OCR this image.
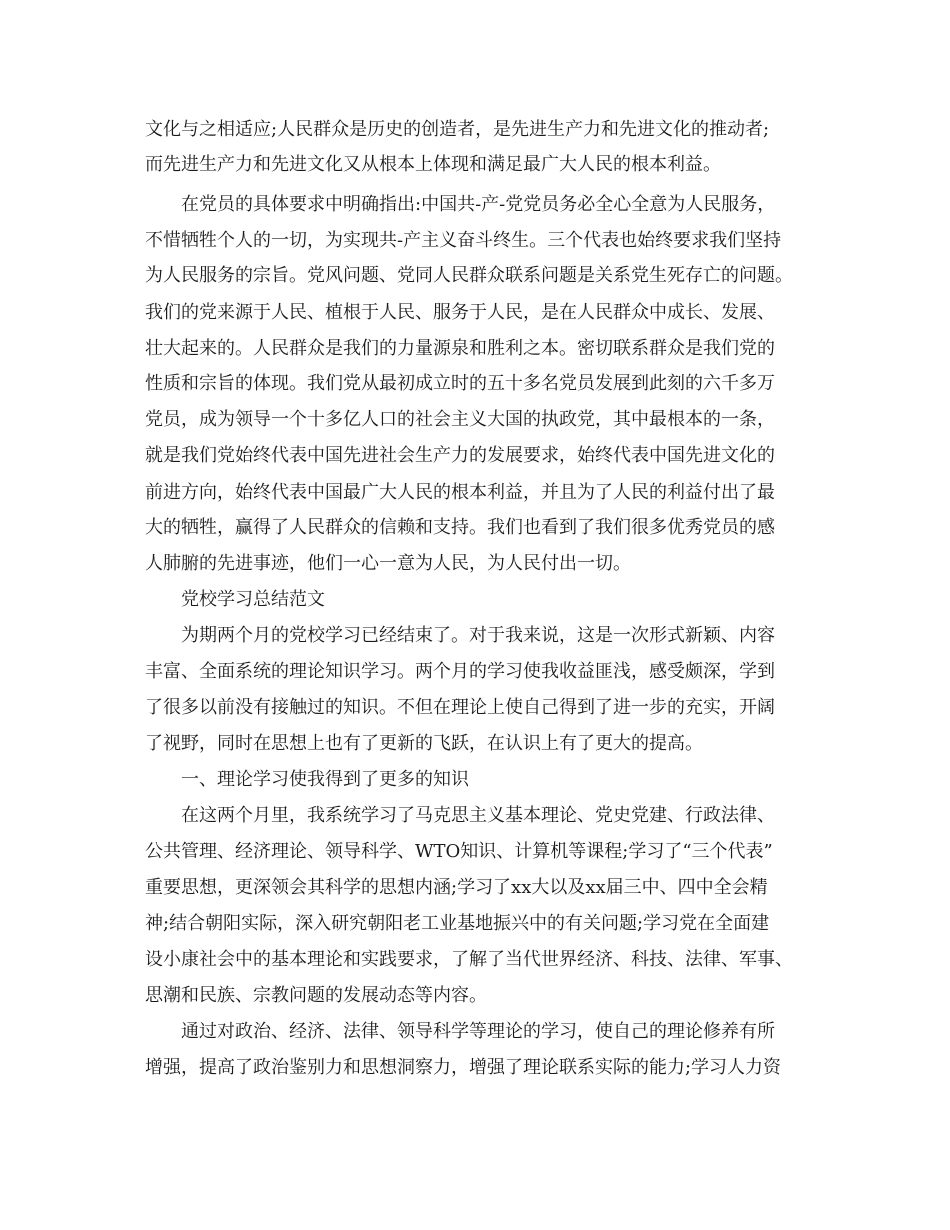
文化与之相适应;人民群众是历史的创造者，是先进生产力和先进文化的推动者;

而先进生产力和先进文化又从根本上体现和满足最广大人民的根本利益。

在党员的具体要求中明确指出:中国共-产-党党员务必全心全意为人民服务，

不惜牺牲个人的一切，为实现共-产主义奋斗终生。三个代表也始终要求我们坚持

为人民服务的宗旨。党风问题、党同人民群众联系问题是关系党生死存亡的问题。

我们的党来源于人民、植根于人民、服务于人民，是在人民群众中成长、发展、

壮大起来的。人民群众是我们的力量源泉和胜利之本。密切联系群众是我们党的

性质和宗旨的体现。我们党从最初成立时的五十多名党员发展到此刻的六千多万

党员，成为领导一个十多亿人口的社会主义大国的执政党，其中最根本的一条，

就是我们党始终代表中国先进社会生产力的发展要求，始终代表中国先进文化的

前进方向，始终代表中国最广大人民的根本利益，并且为了人民的利益付出了最

大的牺牲，赢得了人民群众的信赖和支持。我们也看到了我们很多优秀党员的感

人肺腑的先进事迹，他们一心一意为人民，为人民付出一切。

党校学习总结范文

为期两个月的党校学习已经结束了。对于我来说，这是一次形式新颖、内容

丰富、全面系统的理论知识学习。两个月的学习使我收益匪浅，感受颇深，学到

了很多以前没有接触过的知识。不但在理论上使自己得到了进一步的充实，开阔

了视野，同时在思想上也有了更新的飞跃，在认识上有了更大的提高。

一、理论学习使我得到了更多的知识

在这两个月里，我系统学习了马克思主义基本理论、党史党建、行政法律、

公共管理、经济理论、领导科学、WTO知识、计算机等课程;学习了“三个代表”

重要思想，更深领会其科学的思想内涵;学习了xx大以及xx届三中、四中全会精

神;结合朝阳实际，深入研究朝阳老工业基地振兴中的有关问题;学习党在全面建

设小康社会中的基本理论和实践要求，了解了当代世界经济、科技、法律、军事、

思潮和民族、宗教问题的发展动态等内容。

通过对政治、经济、法律、领导科学等理论的学习，使自己的理论修养有所

增强，提高了政治鉴别力和思想洞察力，增强了理论联系实际的能力;学习人力资
